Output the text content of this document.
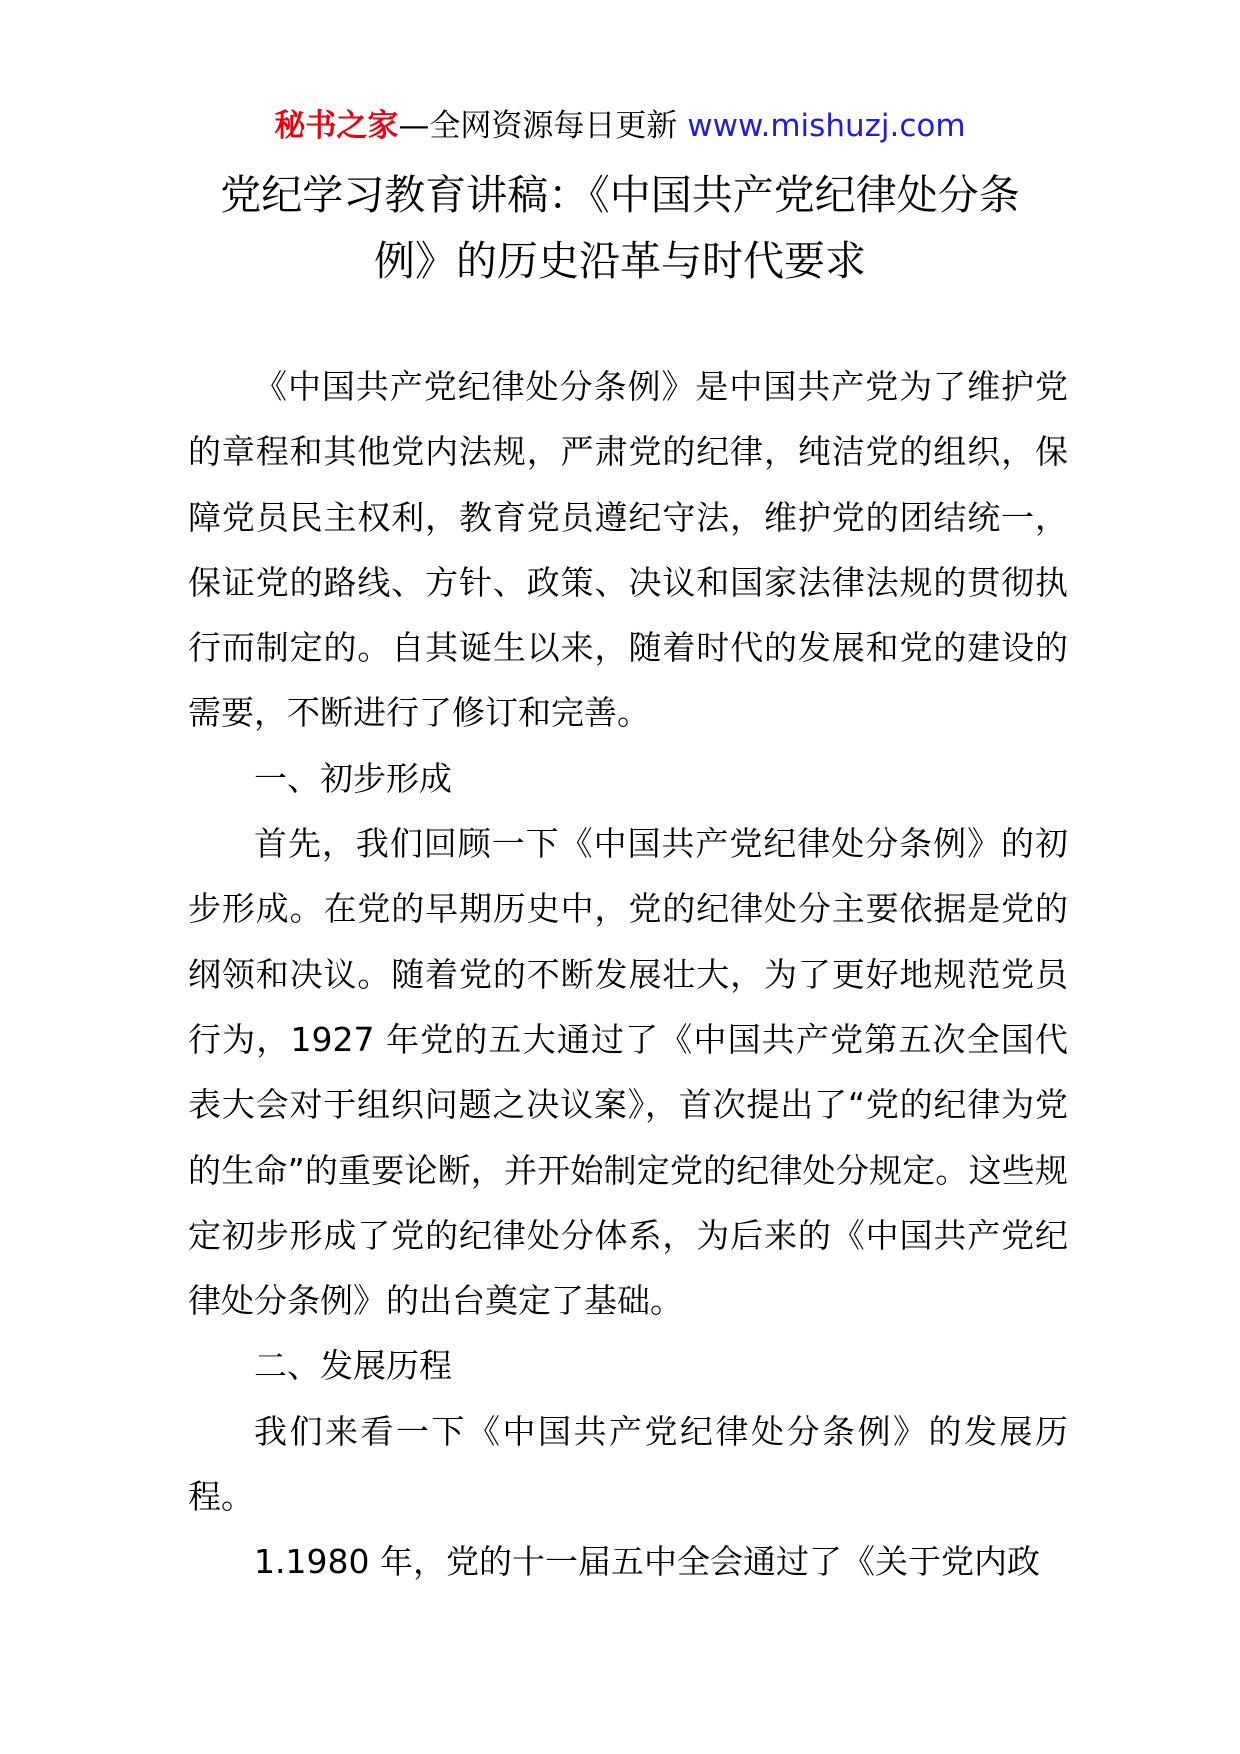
秘书之家—全网资源每日更新 www.mishuzj.com
党纪学习教育讲稿：《中国共产党纪律处分条
例》的历史沿革与时代要求

《中国共产党纪律处分条例》是中国共产党为了维护党的章程和其他党内法规，严肃党的纪律，纯洁党的组织，保障党员民主权利，教育党员遵纪守法，维护党的团结统一，保证党的路线、方针、政策、决议和国家法律法规的贯彻执行而制定的。自其诞生以来，随着时代的发展和党的建设的需要，不断进行了修订和完善。

一、初步形成

首先，我们回顾一下《中国共产党纪律处分条例》的初步形成。在党的早期历史中，党的纪律处分主要依据是党的纲领和决议。随着党的不断发展壮大，为了更好地规范党员行为，1927 年党的五大通过了《中国共产党第五次全国代表大会对于组织问题之决议案》，首次提出了“党的纪律为党的生命”的重要论断，并开始制定党的纪律处分规定。这些规定初步形成了党的纪律处分体系，为后来的《中国共产党纪律处分条例》的出台奠定了基础。

二、发展历程

我们来看一下《中国共产党纪律处分条例》的发展历程。

1.1980 年，党的十一届五中全会通过了《关于党内政
